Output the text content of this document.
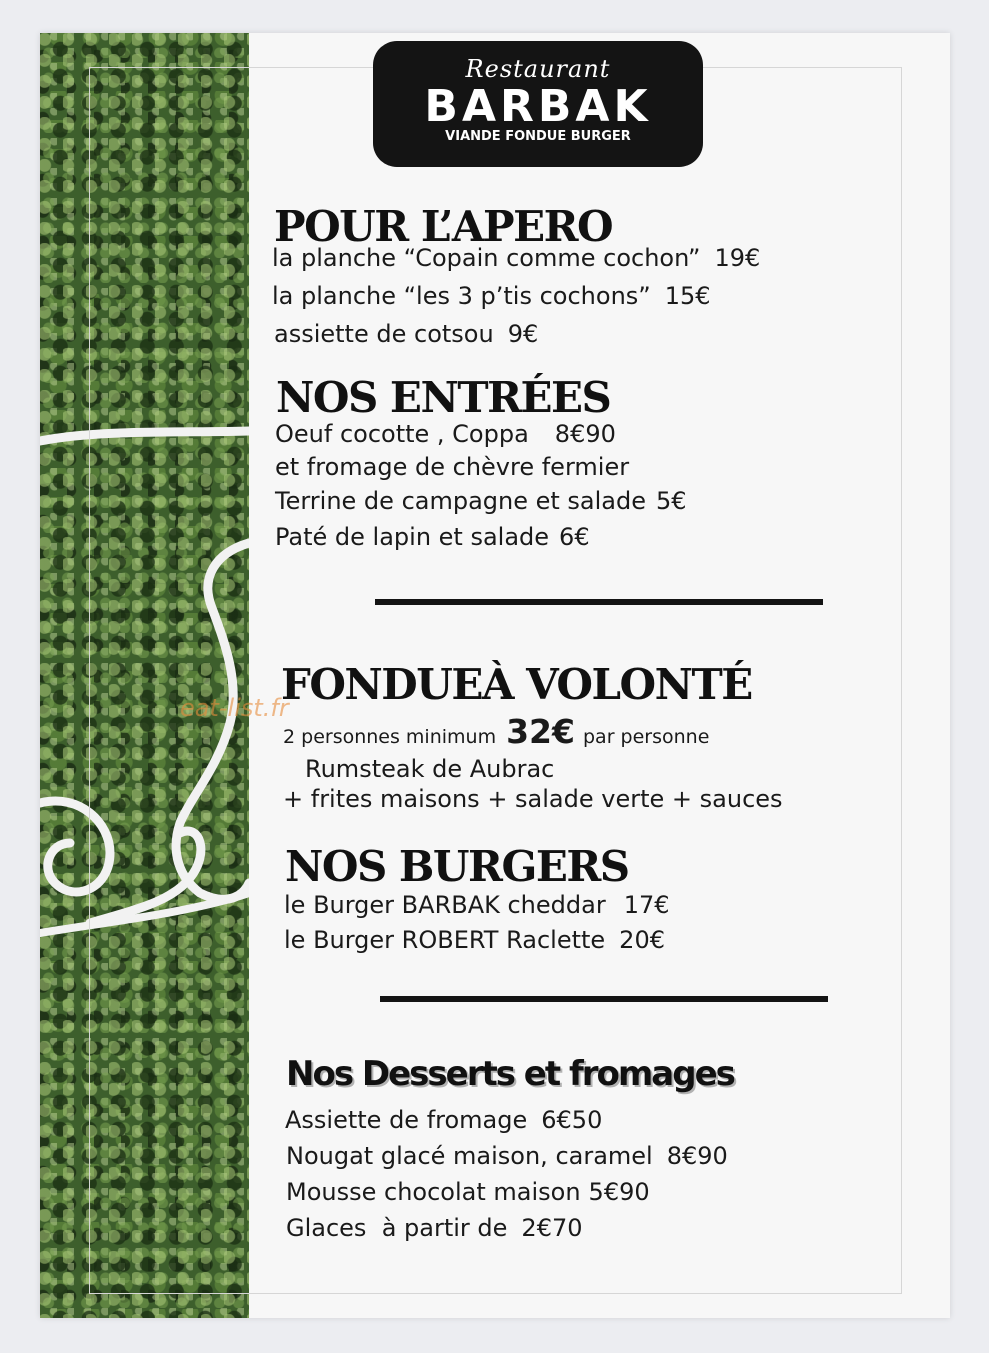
Restaurant
BARBAK
VIANDE FONDUE BURGER
POUR L’APERO
la planche “Copain comme cochon” 19€
la planche “les 3 p’tis cochons” 15€
assiette de cotsou 9€
NOS ENTRÉES
Oeuf cocotte , Coppa 8€90
et fromage de chèvre fermier
Terrine de campagne et salade 5€
Paté de lapin et salade 6€
FONDUEÀ VOLONTÉ
eat-list.fr
2 personnes minimum 32€ par personne
Rumsteak de Aubrac
+ frites maisons + salade verte + sauces
NOS BURGERS
le Burger BARBAK cheddar 17€
le Burger ROBERT Raclette 20€
Nos Desserts et fromages
Assiette de fromage 6€50
Nougat glacé maison, caramel 8€90
Mousse chocolat maison 5€90
Glaces  à partir de 2€70
